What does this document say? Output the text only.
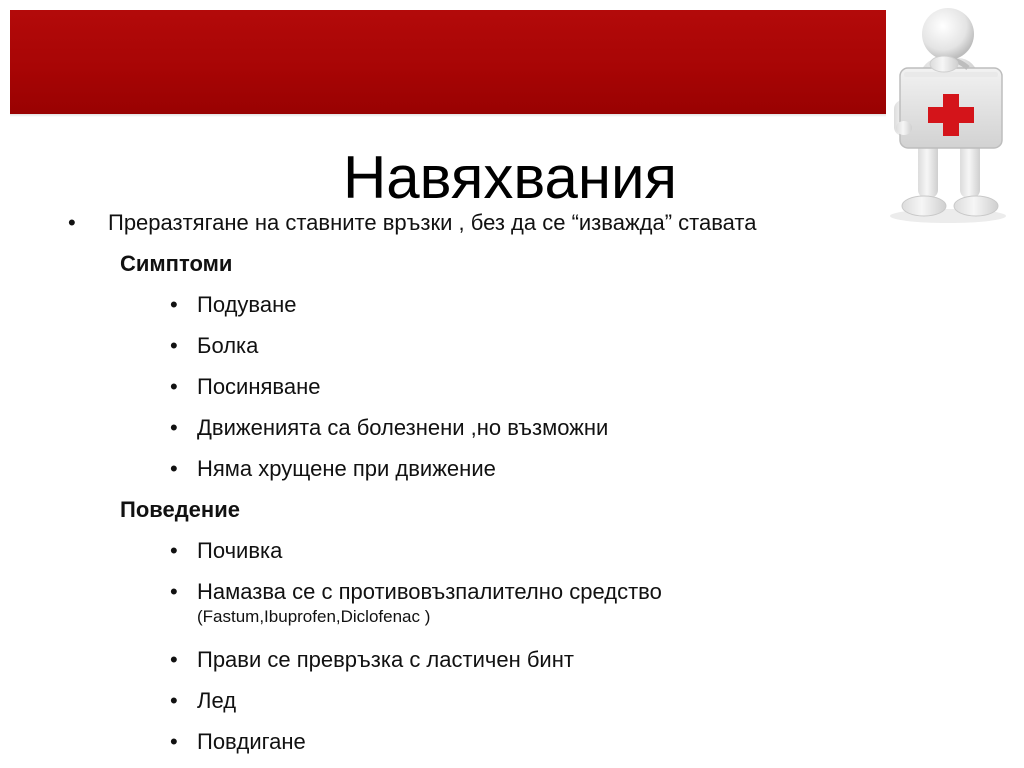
Навяхвания
• Преразтягане на ставните връзки , без да се “изважда” ставата
Симптоми
• Подуване
• Болка
• Посиняване
• Движенията са болезнени ,но възможни
• Няма хрущене при движение
Поведение
• Почивка
• Намазва се с противовъзпалително средство
(Fastum,Ibuprofen,Diclofenac )
• Прави се превръзка с ластичен бинт
• Лед
• Повдигане
